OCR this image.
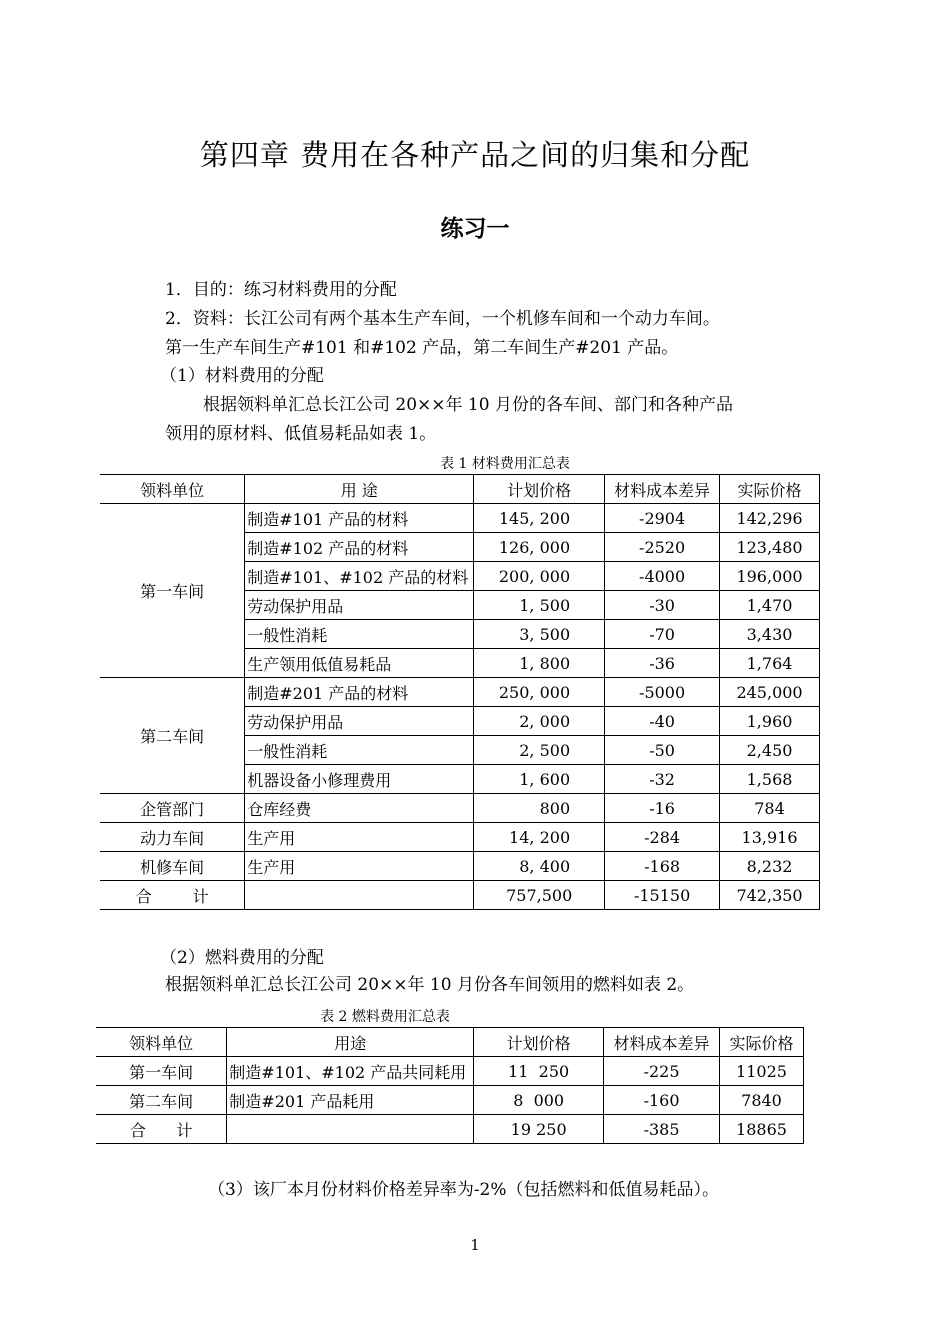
第四章 费用在各种产品之间的归集和分配
练习一
1．目的：练习材料费用的分配
2．资料：长江公司有两个基本生产车间，一个机修车间和一个动力车间。
第一生产车间生产#101 和#102 产品，第二车间生产#201 产品。
（1）材料费用的分配
根据领料单汇总长江公司 20××年 10 月份的各车间、部门和各种产品
领用的原材料、低值易耗品如表 1。
表 1 材料费用汇总表
领料单位	用 途	计划价格	材料成本差异	实际价格
第一车间	制造#101 产品的材料	145, 200	-2904	142,296
	制造#102 产品的材料	126, 000	-2520	123,480
	制造#101、#102 产品的材料	200, 000	-4000	196,000
	劳动保护用品	1, 500	-30	1,470
	一般性消耗	3, 500	-70	3,430
	生产领用低值易耗品	1, 800	-36	1,764
第二车间	制造#201 产品的材料	250, 000	-5000	245,000
	劳动保护用品	2, 000	-40	1,960
	一般性消耗	2, 500	-50	2,450
	机器设备小修理费用	1, 600	-32	1,568
企管部门	仓库经费	800	-16	784
动力车间	生产用	14, 200	-284	13,916
机修车间	生产用	8, 400	-168	8,232
合        计		757,500	-15150	742,350
（2）燃料费用的分配
根据领料单汇总长江公司 20××年 10 月份各车间领用的燃料如表 2。
表 2 燃料费用汇总表
领料单位	用途	计划价格	材料成本差异	实际价格
第一车间	制造#101、#102 产品共同耗用	11  250	-225	11025
第二车间	制造#201 产品耗用	8  000	-160	7840
合      计		19 250	-385	18865
（3）该厂本月份材料价格差异率为-2%（包括燃料和低值易耗品）。
1
